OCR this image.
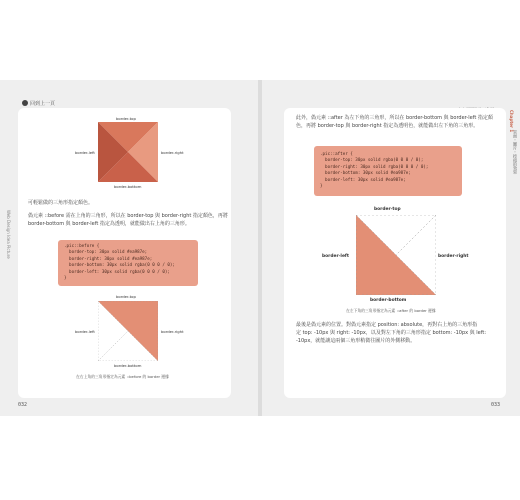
回到上一頁
Web Design Idea Picture
border-top
border-left	border-right
border-bottom
可輕鬆做的三角形指定顏色。
偽元素 ::before 需在上角的三角形，所以在 border-top 與 border-right 指定顏色，再將
border-bottom 與 border-left 指定為透明，就能做出右上角的三角形。
.pic::before {
border-top: 30px solid #ea987e;
border-right: 30px solid #ea987e;
border-bottom: 30px solid rgba(0 0 0 / 0);
border-left: 30px solid rgba(0 0 0 / 0);
}
border-top
border-left	border-right
border-bottom
在右上角的三角形指定為元素 ::before 的 border 邊緣
032
Chapter 1
頁面・圖片・按鈕的效果
此外，偽元素 ::after 為左下角的三角形，所以在 border-bottom 與 border-left 指定顏
色，再將 border-top 與 border-right 指定為透明色，就能做出左下角的三角形。
.pic::after {
border-top: 30px solid rgba(0 0 0 / 0);
border-right: 30px solid rgba(0 0 0 / 0);
border-bottom: 30px solid #ea987e;
border-left: 30px solid #ea987e;
}
border-top
border-left	border-right
border-bottom
在左下角的三角形指定為元素 ::after 的 border 邊緣
最後是偽元素的位置。對偽元素指定 position: absolute，再對右上角的三角形指
定 top: -10px 與 right: -10px，以及對左下角的三角形指定 bottom: -10px 與 left:
-10px，就能讓這兩個三角形稍微往圖片的外側移動。
033
